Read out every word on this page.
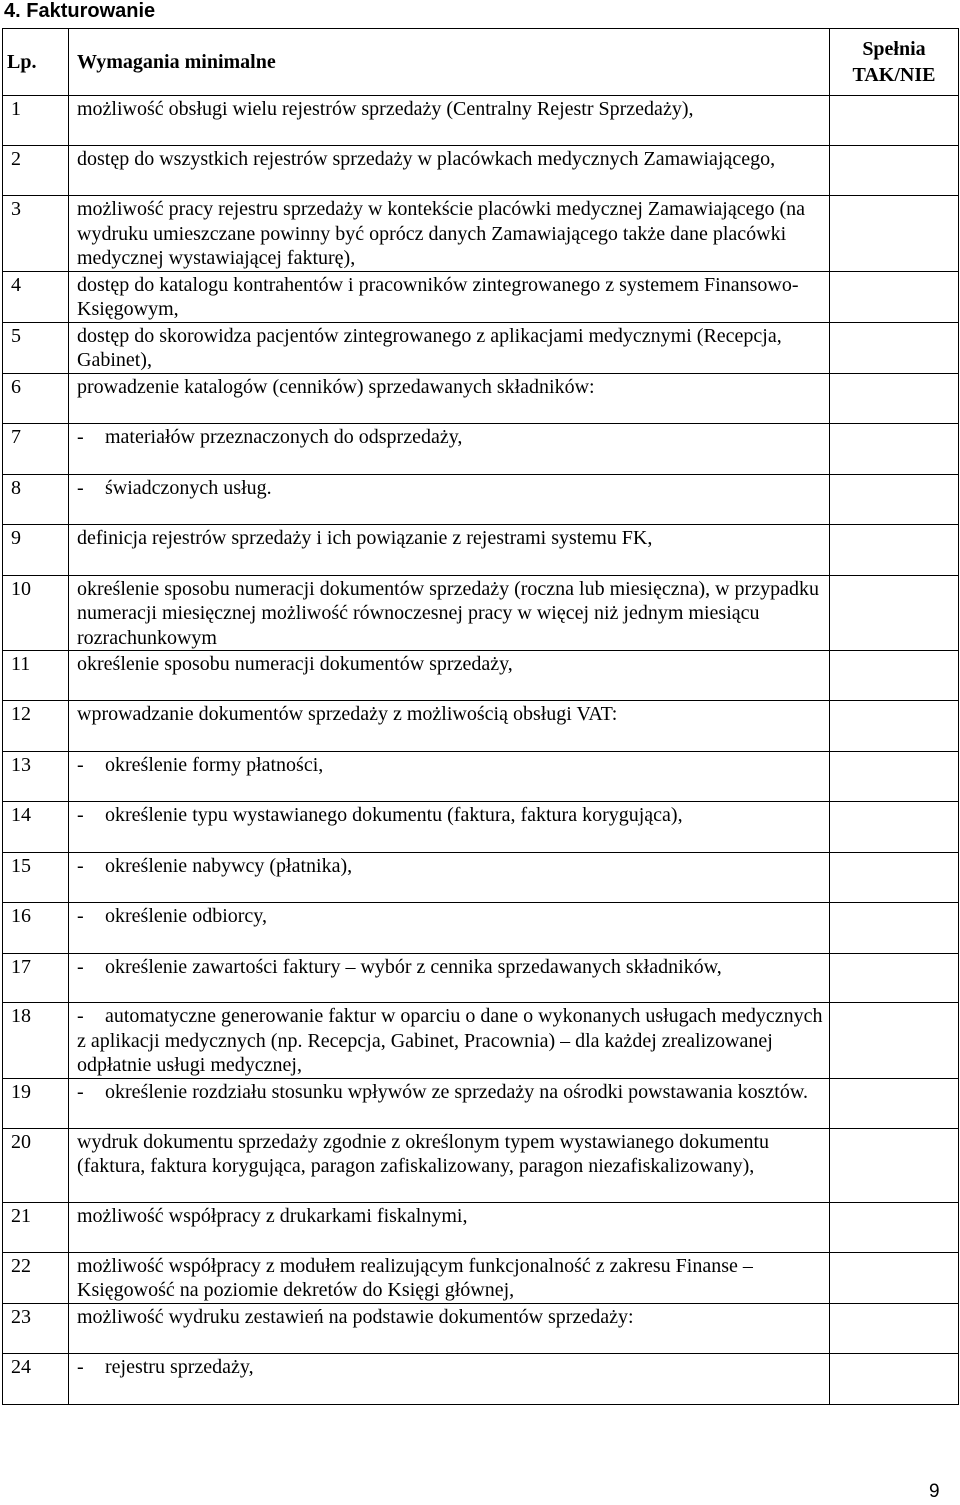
4. Fakturowanie
Lp.	Wymagania minimalne	Spełnia
TAK/NIE
1	możliwość obsługi wielu rejestrów sprzedaży (Centralny Rejestr Sprzedaży),	
2	dostęp do wszystkich rejestrów sprzedaży w placówkach medycznych Zamawiającego,	
3	możliwość pracy rejestru sprzedaży w kontekście placówki medycznej Zamawiającego (na wydruku umieszczane powinny być oprócz danych Zamawiającego także dane placówki medycznej wystawiającej fakturę),	
4	dostęp do katalogu kontrahentów i pracowników zintegrowanego z systemem Finansowo-Księgowym,	
5	dostęp do skorowidza pacjentów zintegrowanego z aplikacjami medycznymi (Recepcja, Gabinet),	
6	prowadzenie katalogów (cenników) sprzedawanych składników:	
7	- materiałów przeznaczonych do odsprzedaży,	
8	- świadczonych usług.	
9	definicja rejestrów sprzedaży i ich powiązanie z rejestrami systemu FK,	
10	określenie sposobu numeracji dokumentów sprzedaży (roczna lub miesięczna), w przypadku numeracji miesięcznej możliwość równoczesnej pracy w więcej niż jednym miesiącu rozrachunkowym	
11	określenie sposobu numeracji dokumentów sprzedaży,	
12	wprowadzanie dokumentów sprzedaży z możliwością obsługi VAT:	
13	- określenie formy płatności,	
14	- określenie typu wystawianego dokumentu (faktura, faktura korygująca),	
15	- określenie nabywcy (płatnika),	
16	- określenie odbiorcy,	
17	- określenie zawartości faktury – wybór z cennika sprzedawanych składników,	
18	- automatyczne generowanie faktur w oparciu o dane o wykonanych usługach medycznych z aplikacji medycznych (np. Recepcja, Gabinet, Pracownia) – dla każdej zrealizowanej odpłatnie usługi medycznej,	
19	- określenie rozdziału stosunku wpływów ze sprzedaży na ośrodki powstawania kosztów.	
20	wydruk dokumentu sprzedaży zgodnie z określonym typem wystawianego dokumentu (faktura, faktura korygująca, paragon zafiskalizowany, paragon niezafiskalizowany),	
21	możliwość współpracy z drukarkami fiskalnymi,	
22	możliwość współpracy z modułem realizującym funkcjonalność z zakresu Finanse – Księgowość na poziomie dekretów do Księgi głównej,	
23	możliwość wydruku zestawień na podstawie dokumentów sprzedaży:	
24	- rejestru sprzedaży,	
9
